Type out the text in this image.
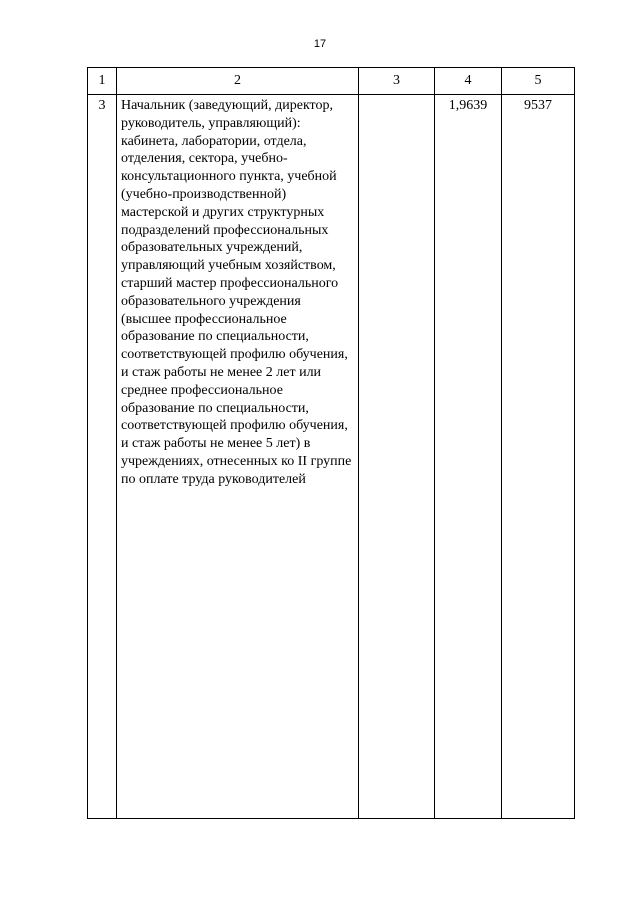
17
1	2	3	4	5
3	Начальник (заведующий, директор, руководитель, управляющий): кабинета, лаборатории, отдела, отделения, сектора, учебно-консультационного пункта, учебной (учебно-производственной) мастерской и других структурных подразделений профессиональных образовательных учреждений, управляющий учебным хозяйством, старший мастер профессионального образовательного учреждения (высшее профессиональное образование по специальности, соответствующей профилю обучения, и стаж работы не менее 2 лет или среднее профессиональное образование по специальности, соответствующей профилю обучения, и стаж работы не менее 5 лет) в учреждениях, отнесенных ко II группе по оплате труда руководителей		1,9639	9537
